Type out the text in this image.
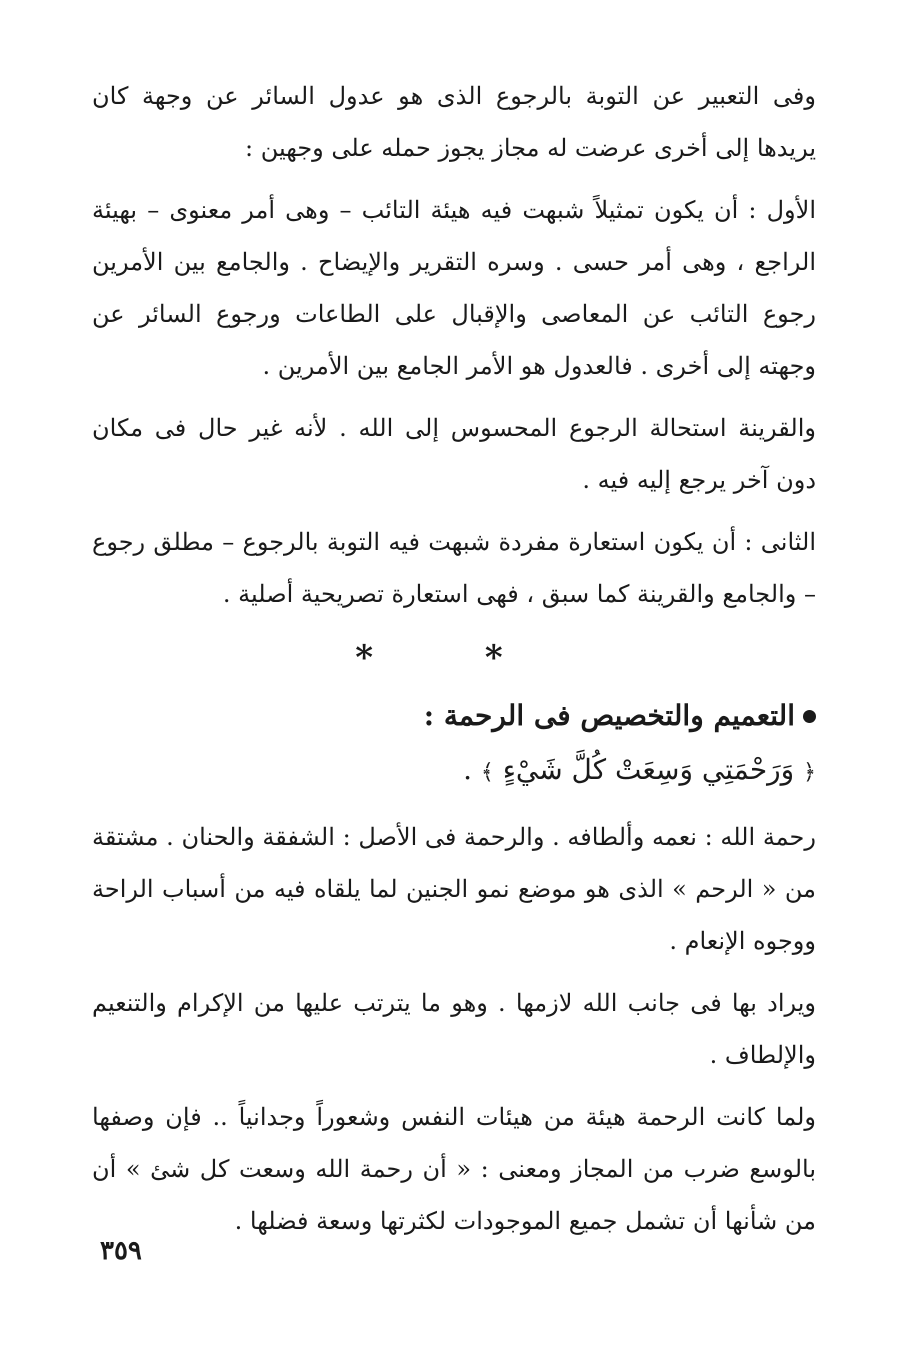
وفى التعبير عن التوبة بالرجوع الذى هو عدول السائر عن وجهة كان يريدها إلى أخرى عرضت له مجاز يجوز حمله على وجهين :

الأول : أن يكون تمثيلاً شبهت فيه هيئة التائب – وهى أمر معنوى – بهيئة الراجع ، وهى أمر حسى . وسره التقرير والإيضاح . والجامع بين الأمرين رجوع التائب عن المعاصى والإقبال على الطاعات ورجوع السائر عن وجهته إلى أخرى . فالعدول هو الأمر الجامع بين الأمرين .

والقرينة استحالة الرجوع المحسوس إلى الله . لأنه غير حال فى مكان دون آخر يرجع إليه فيه .

الثانى : أن يكون استعارة مفردة شبهت فيه التوبة بالرجوع – مطلق رجوع – والجامع والقرينة كما سبق ، فهى استعارة تصريحية أصلية .

* *
التعميم والتخصيص فى الرحمة :
﴿ وَرَحْمَتِي وَسِعَتْ كُلَّ شَيْءٍ ﴾ .

رحمة الله : نعمه وألطافه . والرحمة فى الأصل : الشفقة والحنان . مشتقة من « الرحم » الذى هو موضع نمو الجنين لما يلقاه فيه من أسباب الراحة ووجوه الإنعام .

ويراد بها فى جانب الله لازمها . وهو ما يترتب عليها من الإكرام والتنعيم والإلطاف .

ولما كانت الرحمة هيئة من هيئات النفس وشعوراً وجدانياً .. فإن وصفها بالوسع ضرب من المجاز ومعنى : « أن رحمة الله وسعت كل شئ » أن من شأنها أن تشمل جميع الموجودات لكثرتها وسعة فضلها .

٣٥٩
